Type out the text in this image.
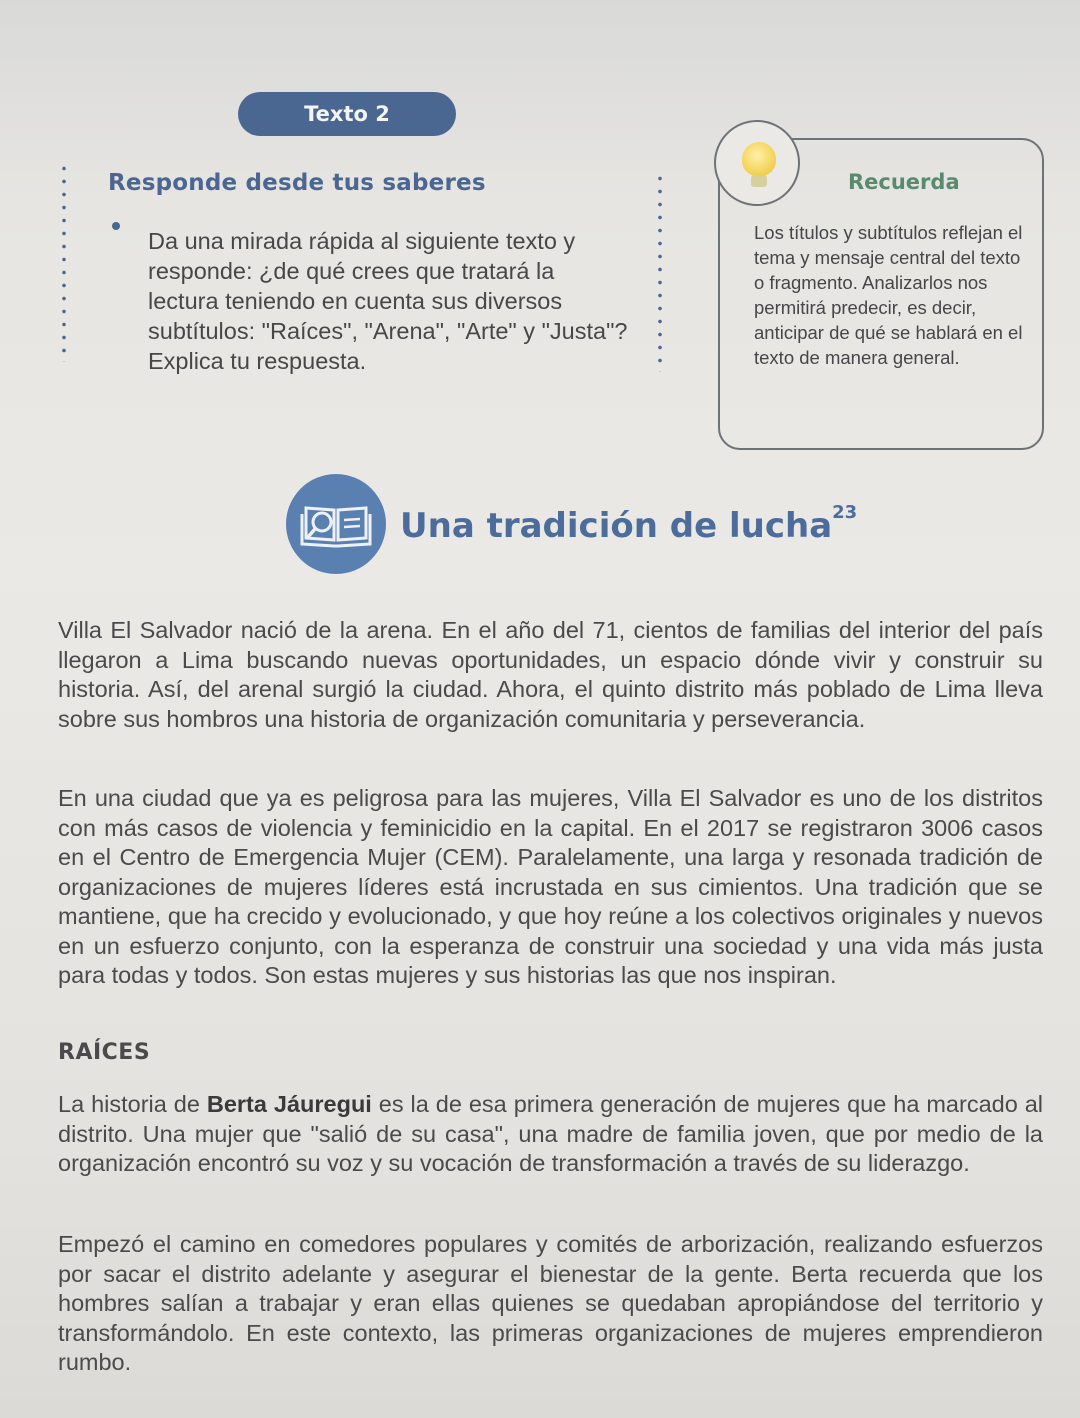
Texto 2
Responde desde tus saberes
Da una mirada rápida al siguiente texto y responde: ¿de qué crees que tratará la lectura teniendo en cuenta sus diversos subtítulos: "Raíces", "Arena", "Arte" y "Justa"? Explica tu respuesta.
Recuerda
Los títulos y subtítulos reflejan el tema y mensaje central del texto o fragmento. Analizarlos nos permitirá predecir, es decir, anticipar de qué se hablará en el texto de manera general.
Una tradición de lucha$^{23}$
Villa El Salvador nació de la arena. En el año del 71, cientos de familias del interior del país llegaron a Lima buscando nuevas oportunidades, un espacio dónde vivir y construir su historia. Así, del arenal surgió la ciudad. Ahora, el quinto distrito más poblado de Lima lleva sobre sus hombros una historia de organización comunitaria y perseverancia.
En una ciudad que ya es peligrosa para las mujeres, Villa El Salvador es uno de los distritos con más casos de violencia y feminicidio en la capital. En el 2017 se registraron 3006 casos en el Centro de Emergencia Mujer (CEM). Paralelamente, una larga y resonada tradición de organizaciones de mujeres líderes está incrustada en sus cimientos. Una tradición que se mantiene, que ha crecido y evolucionado, y que hoy reúne a los colectivos originales y nuevos en un esfuerzo conjunto, con la esperanza de construir una sociedad y una vida más justa para todas y todos. Son estas mujeres y sus historias las que nos inspiran.
RAÍCES
La historia de Berta Jáuregui es la de esa primera generación de mujeres que ha marcado al distrito. Una mujer que "salió de su casa", una madre de familia joven, que por medio de la organización encontró su voz y su vocación de transformación a través de su liderazgo.
Empezó el camino en comedores populares y comités de arborización, realizando esfuerzos por sacar el distrito adelante y asegurar el bienestar de la gente. Berta recuerda que los hombres salían a trabajar y eran ellas quienes se quedaban apropiándose del territorio y transformándolo. En este contexto, las primeras organizaciones de mujeres emprendieron rumbo.
